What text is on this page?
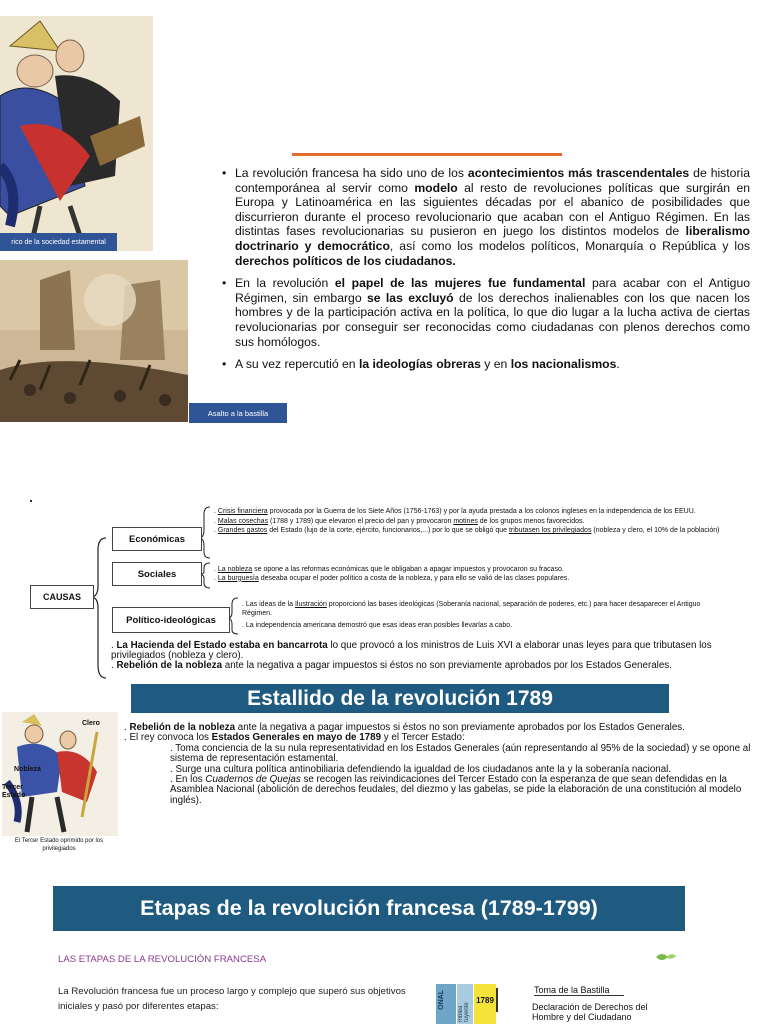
rico de la sociedad estamental
Asalto a la bastilla
• La revolución francesa ha sido uno de los acontecimientos más trascendentales de historia contemporánea al servir como modelo al resto de revoluciones políticas que surgirán en Europa y Latinoamérica en las siguientes décadas por el abanico de posibilidades que discurrieron durante el proceso revolucionario que acaban con el Antiguo Régimen. En las distintas fases revolucionarias su pusieron en juego los distintos modelos de liberalismo doctrinario y democrático, así como los modelos políticos, Monarquía o República y los derechos políticos de los ciudadanos.
• En la revolución el papel de las mujeres fue fundamental para acabar con el Antiguo Régimen, sin embargo se las excluyó de los derechos inalienables con los que nacen los hombres y de la participación activa en la política, lo que dio lugar a la lucha activa de ciertas revolucionarias por conseguir ser reconocidas como ciudadanas con plenos derechos como sus homólogos.
• A su vez repercutió en la ideologías obreras y en los nacionalismos.
CAUSAS
Económicas
Sociales
Político-ideológicas
. Crisis financiera provocada por la Guerra de los Siete Años (1756-1763) y por la ayuda prestada a los colonos ingleses en la independencia de los EEUU.
. Malas cosechas (1788 y 1789) que elevaron el precio del pan y provocaron motines de los grupos menos favorecidos.
. Grandes gastos del Estado (lujo de la corte, ejército, funcionarios,...) por lo que se obligó que tributasen los privilegiados (nobleza y clero, el 10% de la población)
. La nobleza se opone a las reformas económicas que le obligaban a apagar impuestos y provocaron su fracaso.
. La burguesía deseaba ocupar el poder político a costa de la nobleza, y para ello se valió de las clases populares.
. Las ideas de la Ilustración proporcionó las bases ideológicas (Soberanía nacional, separación de poderes, etc.) para hacer desaparecer el Antiguo Régimen.
. La independencia americana demostró que esas ideas eran posibles llevarlas a cabo.
. La Hacienda del Estado estaba en bancarrota lo que provocó a los ministros de Luis XVI a elaborar unas leyes para que tributasen los privilegiados (nobleza y clero).
. Rebelión de la nobleza ante la negativa a pagar impuestos si éstos no son previamente aprobados por los Estados Generales.
Estallido de la revolución 1789
Clero
Nobleza
Tercer Estado
El Tercer Estado oprimido por los privilegiados
. Rebelión de la nobleza ante la negativa a pagar impuestos si éstos no son previamente aprobados por los Estados Generales.
. El rey convoca los Estados Generales en mayo de 1789 y el Tercer Estado:
. Toma conciencia de la su nula representatividad en los Estados Generales (aún representando al 95% de la sociedad) y se opone al sistema de representación estamental.
. Surge una cultura política antinobiliaria defendiendo la igualdad de los ciudadanos ante la y la soberanía nacional.
. En los Cuadernos de Quejas se recogen las reivindicaciones del Tercer Estado con la esperanza de que sean defendidas en la Asamblea Nacional (abolición de derechos feudales, del diezmo y las gabelas, se pide la elaboración de una constitución al modelo inglés).
Etapas de la revolución francesa (1789-1799)
LAS ETAPAS DE LA REVOLUCIÓN FRANCESA
La Revolución francesa fue un proceso largo y complejo que superó sus objetivos iniciales y pasó por diferentes etapas:	ONAL
mblea tuyente
1789
Toma de la Bastilla
Declaración de Derechos del Hombre y del Ciudadano
